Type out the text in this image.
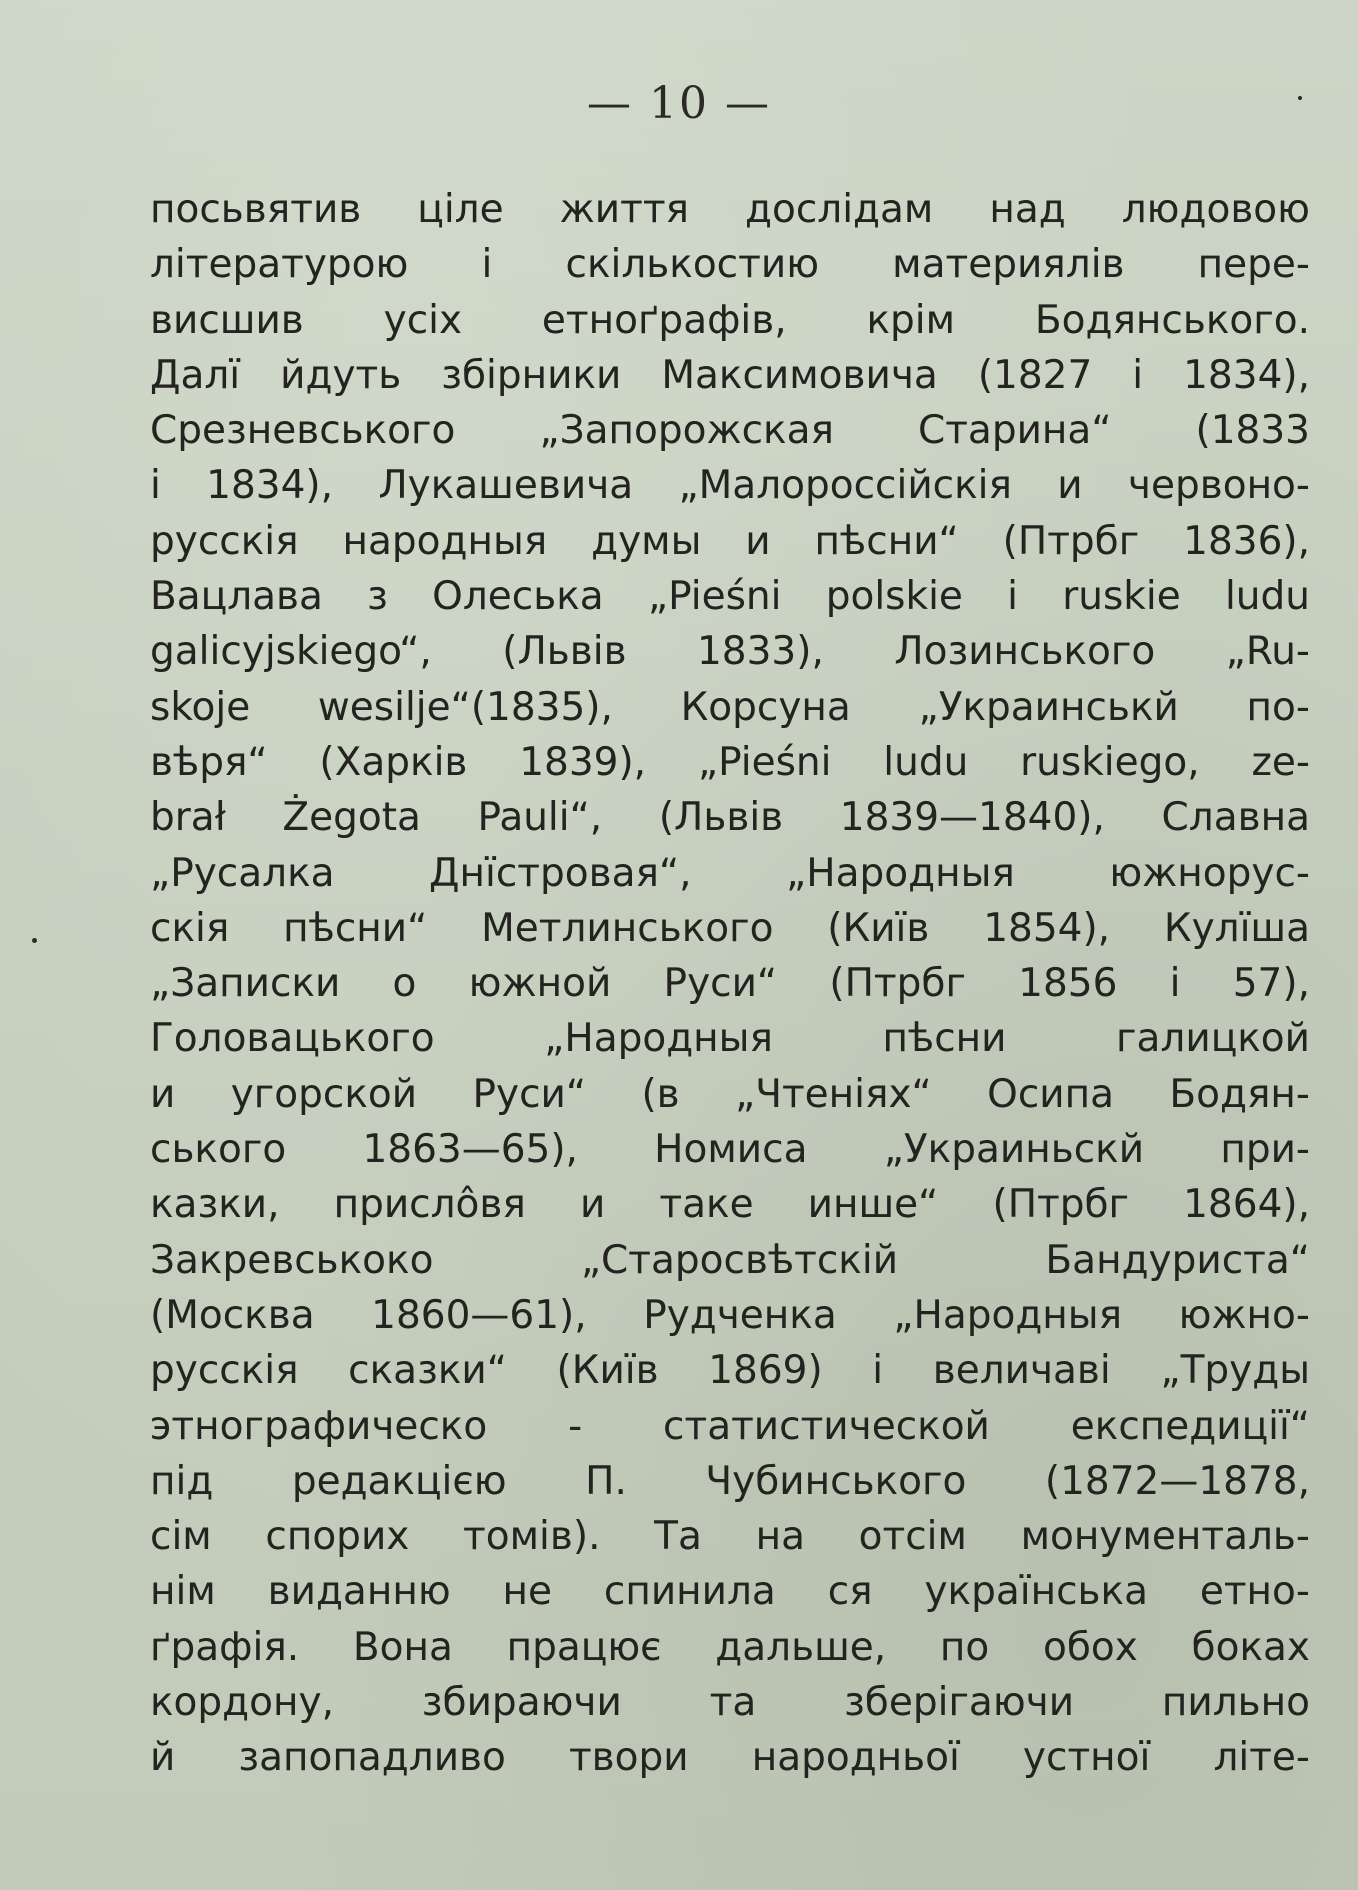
— 10 —
посьвятив ціле життя дослідам над людовою
літературою і скількостию материялів пере-
висшив усіх етноґрафів, крім Бодянського.
Далї йдуть збірники Максимовича (1827 і 1834),
Срезневського „Запорожская Старина“ (1833
і 1834), Лукашевича „Малороссійскія и червоно-
русскія народныя думы и пѣсни“ (Птрбг 1836),
Вацлава з Олеська „Pieśni polskie i ruskie ludu
galicyjskiego“, (Львів 1833), Лозинського „Ru-
skoje wesilje“(1835), Корсуна „Украинськй по-
вѣря“ (Харків 1839), „Pieśni ludu ruskiego, ze-
brał Żegota Pauli“, (Львів 1839—1840), Славна
„Русалка Днїстровая“, „Народныя южнорус-
скія пѣсни“ Метлинського (Київ 1854), Кулїша
„Записки о южной Руси“ (Птрбг 1856 і 57),
Головацького „Народныя пѣсни галицкой
и угорской Руси“ (в „Чтеніях“ Осипа Бодян-
ського 1863—65), Номиса „Украиньскй при-
казки, прислôвя и таке инше“ (Птрбг 1864),
Закревськоко „Старосвѣтскій Бандуриста“
(Москва 1860—61), Рудченка „Народныя южно-
русскія сказки“ (Київ 1869) і величаві „Труды
этнографическо - статистической експедиції“
під редакцією П. Чубинського (1872—1878,
сім спорих томів). Та на отсім монументаль-
нім виданню не спинила ся українська етно-
ґрафія. Вона працює дальше, по обох боках
кордону, збираючи та зберігаючи пильно
й запопадливо твори народньої устної літе-
